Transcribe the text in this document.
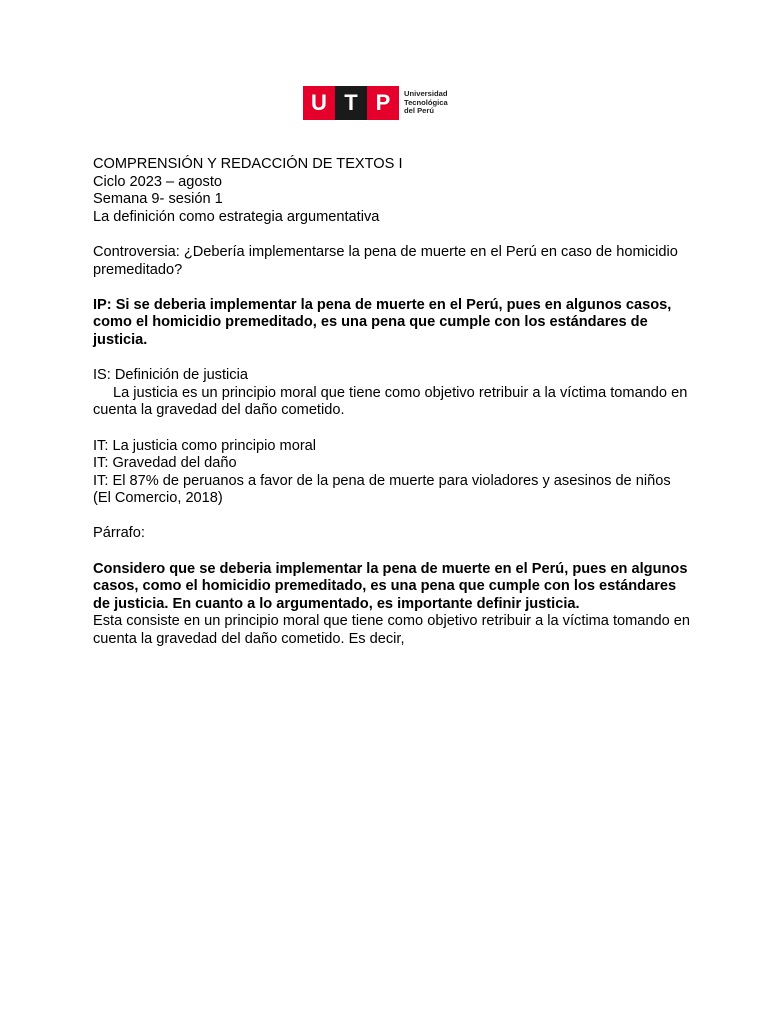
U T P	Universidad
Tecnológica
del Perú

COMPRENSIÓN Y REDACCIÓN DE TEXTOS I

Ciclo 2023 – agosto

Semana 9- sesión 1

La definición como estrategia argumentativa

Controversia: ¿Debería implementarse la pena de muerte en el Perú en caso de homicidio

premeditado?

IP: Si se deberia implementar la pena de muerte en el Perú, pues en algunos casos,

como el homicidio premeditado, es una pena que cumple con los estándares de

justicia.

IS: Definición de justicia

La justicia es un principio moral que tiene como objetivo retribuir a la víctima tomando en

cuenta la gravedad del daño cometido.

IT: La justicia como principio moral

IT: Gravedad del daño

IT: El 87% de peruanos a favor de la pena de muerte para violadores y asesinos de niños

(El Comercio, 2018)

Párrafo:

Considero que se deberia implementar la pena de muerte en el Perú, pues en algunos

casos, como el homicidio premeditado, es una pena que cumple con los estándares

de justicia. En cuanto a lo argumentado, es importante definir justicia.

Esta consiste en un principio moral que tiene como objetivo retribuir a la víctima tomando en

cuenta la gravedad del daño cometido. Es decir,
